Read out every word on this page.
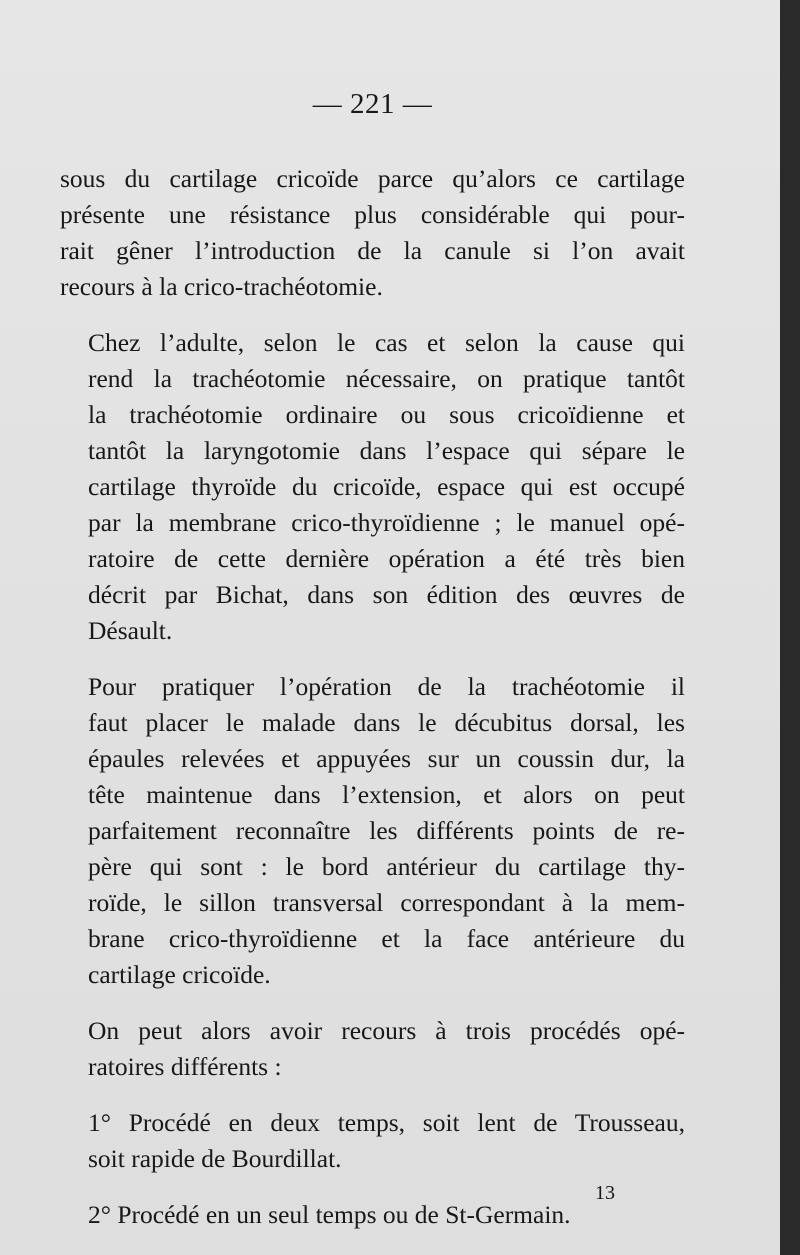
— 221 —
sous du cartilage cricoïde parce qu’alors ce cartilage
présente une résistance plus considérable qui pour-
rait gêner l’introduction de la canule si l’on avait
recours à la crico-trachéotomie.
Chez l’adulte, selon le cas et selon la cause qui
rend la trachéotomie nécessaire, on pratique tantôt
la trachéotomie ordinaire ou sous cricoïdienne et
tantôt la laryngotomie dans l’espace qui sépare le
cartilage thyroïde du cricoïde, espace qui est occupé
par la membrane crico-thyroïdienne ; le manuel opé-
ratoire de cette dernière opération a été très bien
décrit par Bichat, dans son édition des œuvres de
Désault.
Pour pratiquer l’opération de la trachéotomie il
faut placer le malade dans le décubitus dorsal, les
épaules relevées et appuyées sur un coussin dur, la
tête maintenue dans l’extension, et alors on peut
parfaitement reconnaître les différents points de re-
père qui sont : le bord antérieur du cartilage thy-
roïde, le sillon transversal correspondant à la mem-
brane crico-thyroïdienne et la face antérieure du
cartilage cricoïde.
On peut alors avoir recours à trois procédés opé-
ratoires différents :
1° Procédé en deux temps, soit lent de Trousseau,
soit rapide de Bourdillat.
2° Procédé en un seul temps ou de St-Germain.
13
